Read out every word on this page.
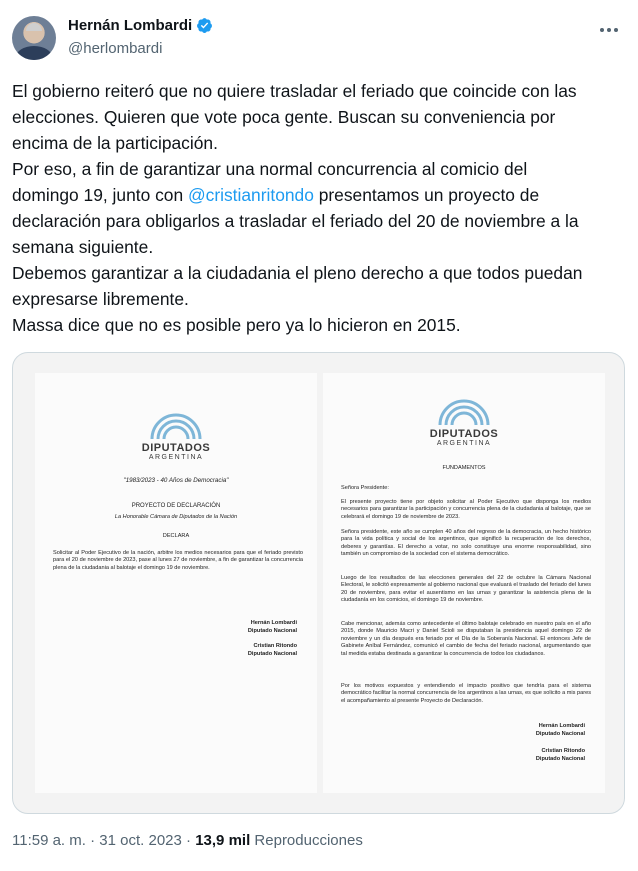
Hernán Lombardi
@herlombardi

El gobierno reiteró que no quiere trasladar el feriado que coincide con las

elecciones. Quieren que vote poca gente. Buscan su conveniencia por

encima de la participación.

Por eso, a fin de garantizar una normal concurrencia al comicio del

domingo 19, junto con @cristianritondo presentamos un proyecto de

declaración para obligarlos a trasladar el feriado del 20 de noviembre a la

semana siguiente.

Debemos garantizar a la ciudadania el pleno derecho a que todos puedan

expresarse libremente.

Massa dice que no es posible pero ya lo hicieron en 2015.

DIPUTADOS
ARGENTINA
"1983/2023 - 40 Años de Democracia"
PROYECTO DE DECLARACIÓN
La Honorable Cámara de Diputados de la Nación
DECLARA
Solicitar al Poder Ejecutivo de la nación, arbitre los medios necesarios para que el feriado previsto para el 20 de noviembre de 2023, pase al lunes 27 de noviembre, a fin de garantizar la concurrencia plena de la ciudadania al balotaje el domingo 19 de noviembre.
Hernán Lombardi
Diputado Nacional
Cristian Ritondo
Diputado Nacional
DIPUTADOS
ARGENTINA
FUNDAMENTOS
Señora Presidente:
El presente proyecto tiene por objeto solicitar al Poder Ejecutivo que disponga los medios necesarios para garantizar la participación y concurrencia plena de la ciudadania al balotaje, que se celebrará el domingo 19 de noviembre de 2023.
Señora presidente, este año se cumplen 40 años del regreso de la democracia, un hecho histórico para la vida política y social de los argentinos, que significó la recuperación de los derechos, deberes y garantías. El derecho a votar, no solo constituye una enorme responsabilidad, sino también un compromiso de la sociedad con el sistema democrático.
Luego de los resultados de las elecciones generales del 22 de octubre la Cámara Nacional Electoral, le solicitó expresamente al gobierno nacional que evaluará el traslado del feriado del lunes 20 de noviembre, para evitar el ausentismo en las urnas y garantizar la asistencia plena de la ciudadanía en los comicios, el domingo 19 de noviembre.
Cabe mencionar, además como antecedente el último balotaje celebrado en nuestro país en el año 2015, donde Mauricio Macri y Daniel Scioli se disputaban la presidencia aquel domingo 22 de noviembre y un día después era feriado por el Día de la Soberanía Nacional. El entonces Jefe de Gabinete Aníbal Fernández, comunicó el cambio de fecha del feriado nacional, argumentando que tal medida estaba destinada a garantizar la concurrencia de todos los ciudadanos.
Por los motivos expuestos y entendiendo el impacto positivo que tendría para el sistema democrático facilitar la normal concurrencia de los argentinos a las urnas, es que solicito a mis pares el acompañamiento al presente Proyecto de Declaración.
Hernán Lombardi
Diputado Nacional
Cristian Ritondo
Diputado Nacional
11:59 a. m. · 31 oct. 2023 · 13,9 mil Reproducciones
